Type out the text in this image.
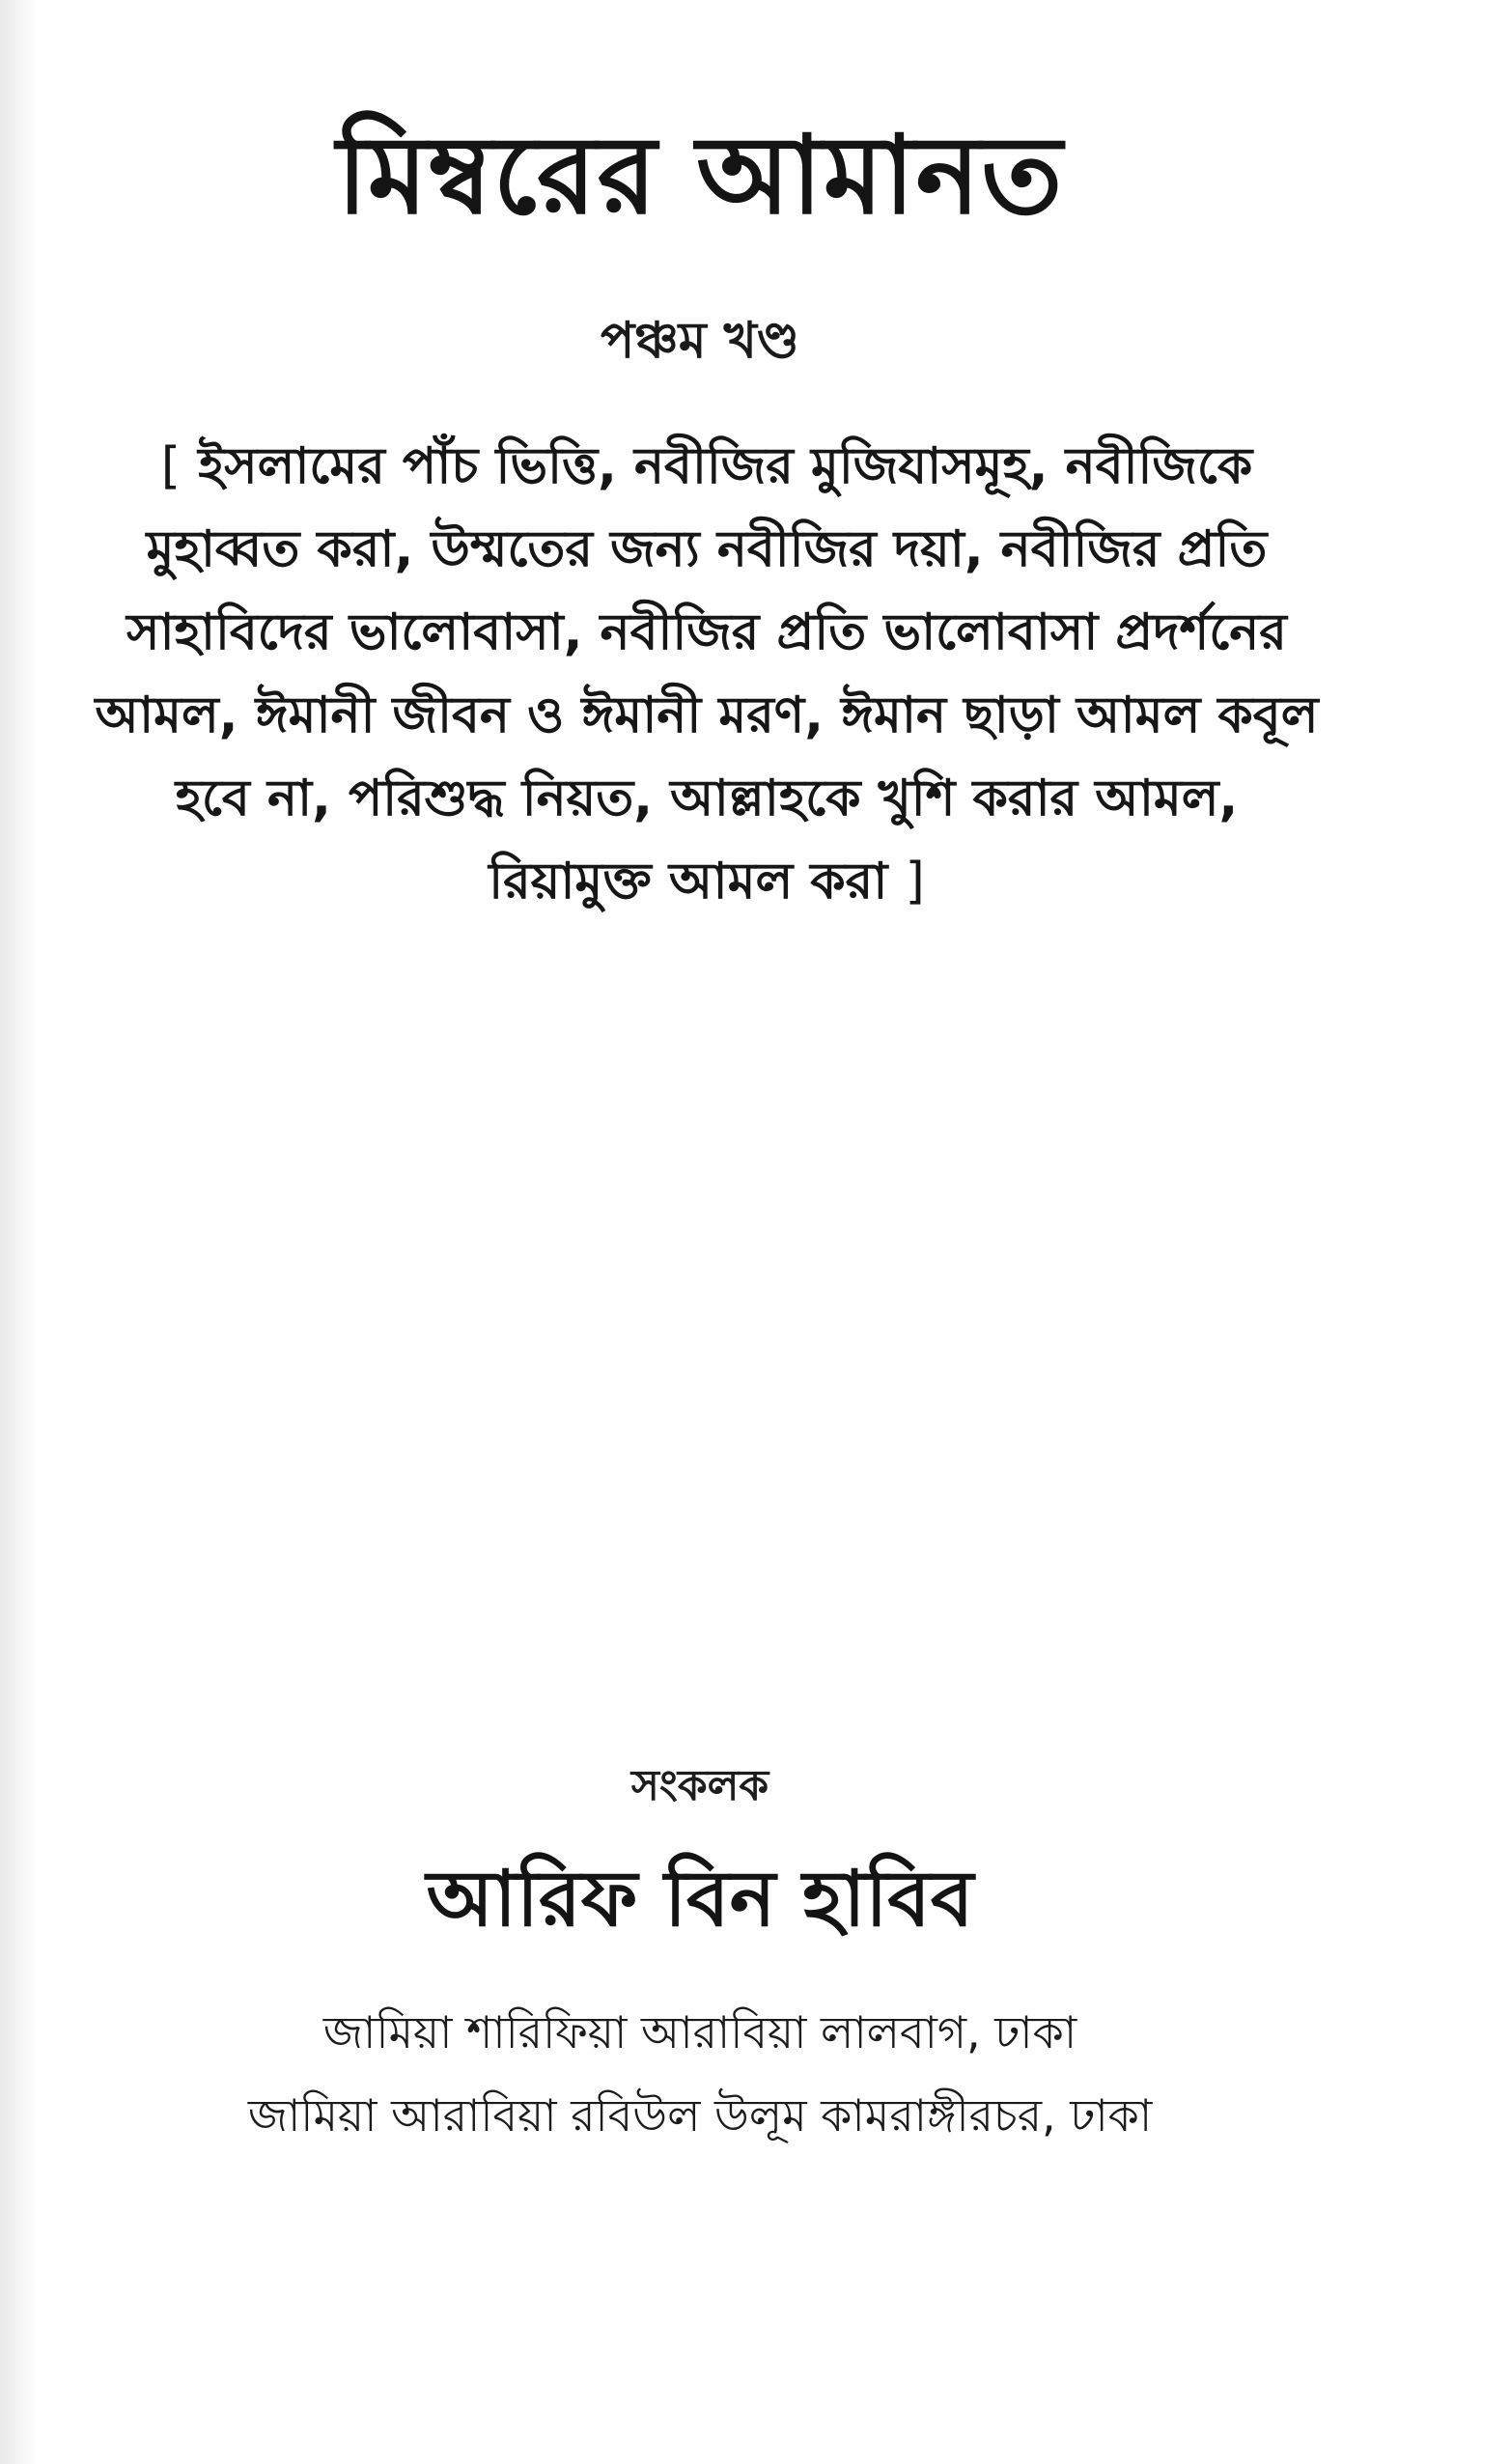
মিম্বরের আমানত
পঞ্চম খণ্ড
[ ইসলামের পাঁচ ভিত্তি, নবীজির মুজিযাসমূহ, নবীজিকে মুহাব্বত করা, উম্মতের জন্য নবীজির দয়া, নবীজির প্রতি সাহাবিদের ভালোবাসা, নবীজির প্রতি ভালোবাসা প্রদর্শনের আমল, ঈমানী জীবন ও ঈমানী মরণ, ঈমান ছাড়া আমল কবূল হবে না, পরিশুদ্ধ নিয়ত, আল্লাহকে খুশি করার আমল, রিয়ামুক্ত আমল করা ]
সংকলক
আরিফ বিন হাবিব
জামিয়া শারিফিয়া আরাবিয়া লালবাগ, ঢাকা
জামিয়া আরাবিয়া রবিউল উলূম কামরাঙ্গীরচর, ঢাকা
